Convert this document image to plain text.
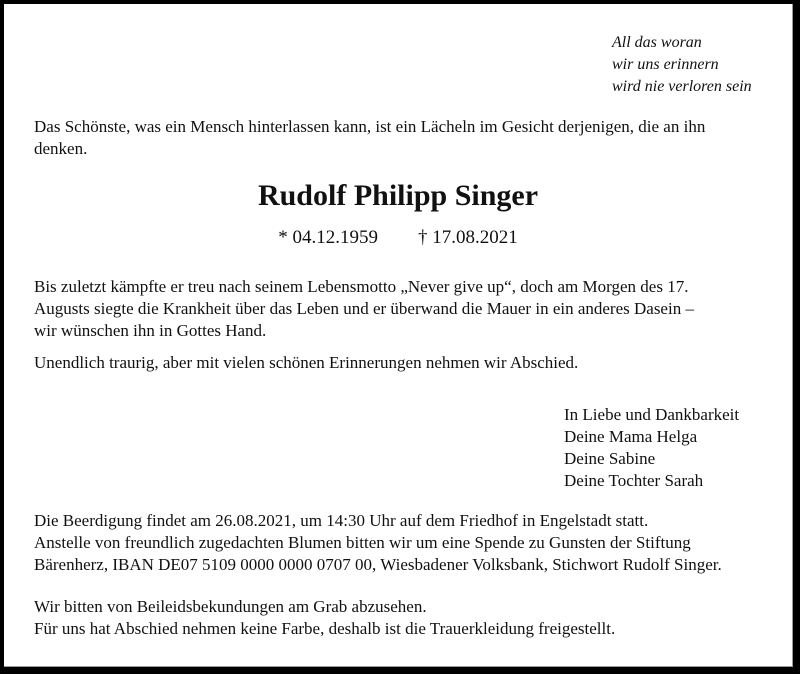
All das woran
wir uns erinnern
wird nie verloren sein
Das Schönste, was ein Mensch hinterlassen kann, ist ein Lächeln im Gesicht derjenigen, die an ihn
denken.
Rudolf Philipp Singer
* 04.12.1959 † 17.08.2021
Bis zuletzt kämpfte er treu nach seinem Lebensmotto „Never give up“, doch am Morgen des 17.
Augusts siegte die Krankheit über das Leben und er überwand die Mauer in ein anderes Dasein –
wir wünschen ihn in Gottes Hand.
Unendlich traurig, aber mit vielen schönen Erinnerungen nehmen wir Abschied.
In Liebe und Dankbarkeit
Deine Mama Helga
Deine Sabine
Deine Tochter Sarah
Die Beerdigung findet am 26.08.2021, um 14:30 Uhr auf dem Friedhof in Engelstadt statt.
Anstelle von freundlich zugedachten Blumen bitten wir um eine Spende zu Gunsten der Stiftung
Bärenherz, IBAN DE07 5109 0000 0000 0707 00, Wiesbadener Volksbank, Stichwort Rudolf Singer.
Wir bitten von Beileidsbekundungen am Grab abzusehen.
Für uns hat Abschied nehmen keine Farbe, deshalb ist die Trauerkleidung freigestellt.
